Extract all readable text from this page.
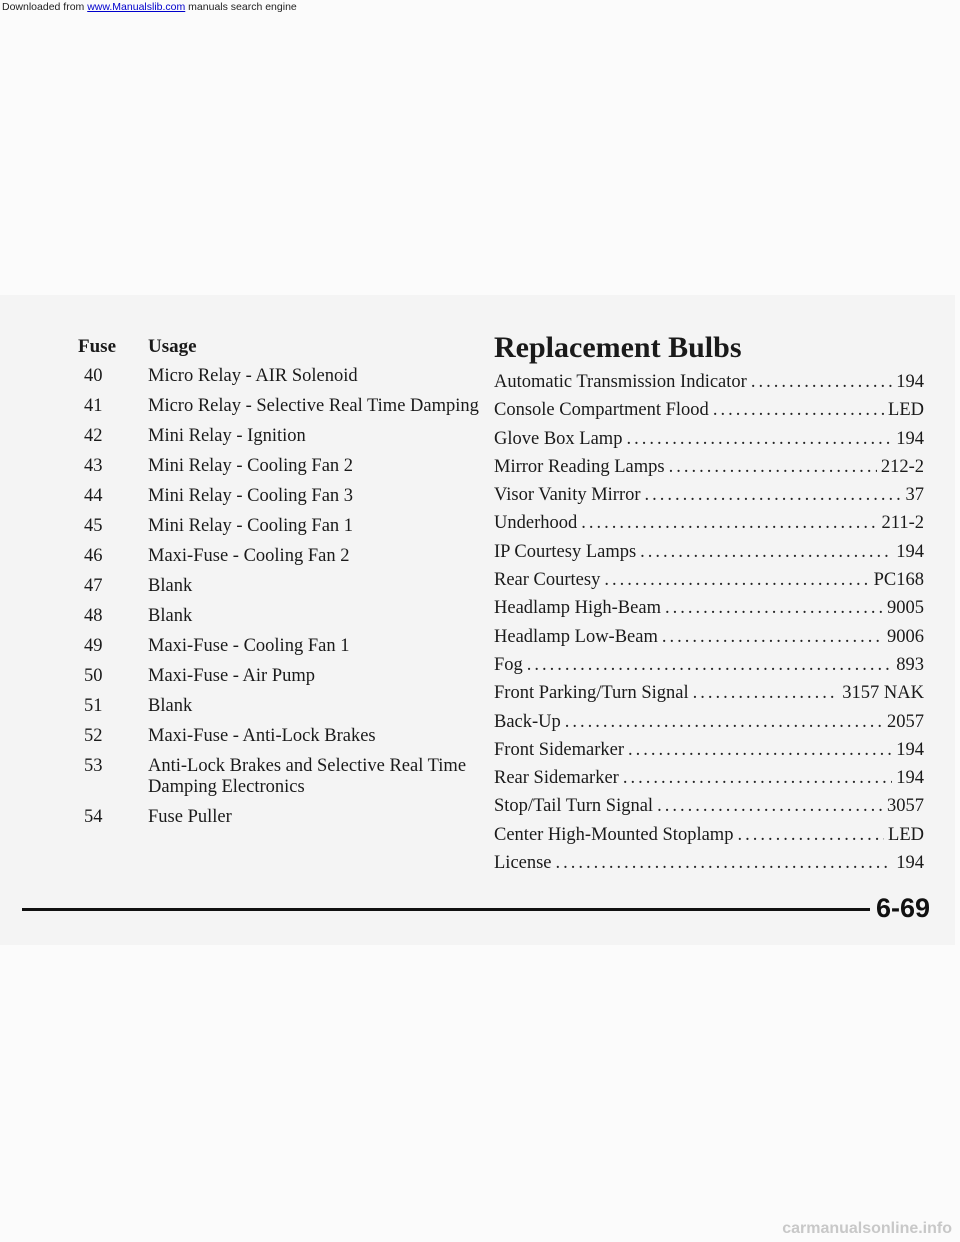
Downloaded from www.Manualslib.com manuals search engine
Fuse	Usage
40	Micro Relay - AIR Solenoid
41	Micro Relay - Selective Real Time Damping
42	Mini Relay - Ignition
43	Mini Relay - Cooling Fan 2
44	Mini Relay - Cooling Fan 3
45	Mini Relay - Cooling Fan 1
46	Maxi-Fuse - Cooling Fan 2
47	Blank
48	Blank
49	Maxi-Fuse - Cooling Fan 1
50	Maxi-Fuse - Air Pump
51	Blank
52	Maxi-Fuse - Anti-Lock Brakes
53	Anti-Lock Brakes and Selective Real Time Damping Electronics
54	Fuse Puller
Replacement Bulbs
Automatic Transmission Indicator .....	194
Console Compartment Flood .....	LED
Glove Box Lamp .....	194
Mirror Reading Lamps .....	212-2
Visor Vanity Mirror .....	37
Underhood .....	211-2
IP Courtesy Lamps .....	194
Rear Courtesy .....	PC168
Headlamp High-Beam .....	9005
Headlamp Low-Beam .....	9006
Fog .....	893
Front Parking/Turn Signal .....	3157 NAK
Back-Up .....	2057
Front Sidemarker .....	194
Rear Sidemarker .....	194
Stop/Tail Turn Signal .....	3057
Center High-Mounted Stoplamp .....	LED
License .....	194
6-69
carmanualsonline.info
